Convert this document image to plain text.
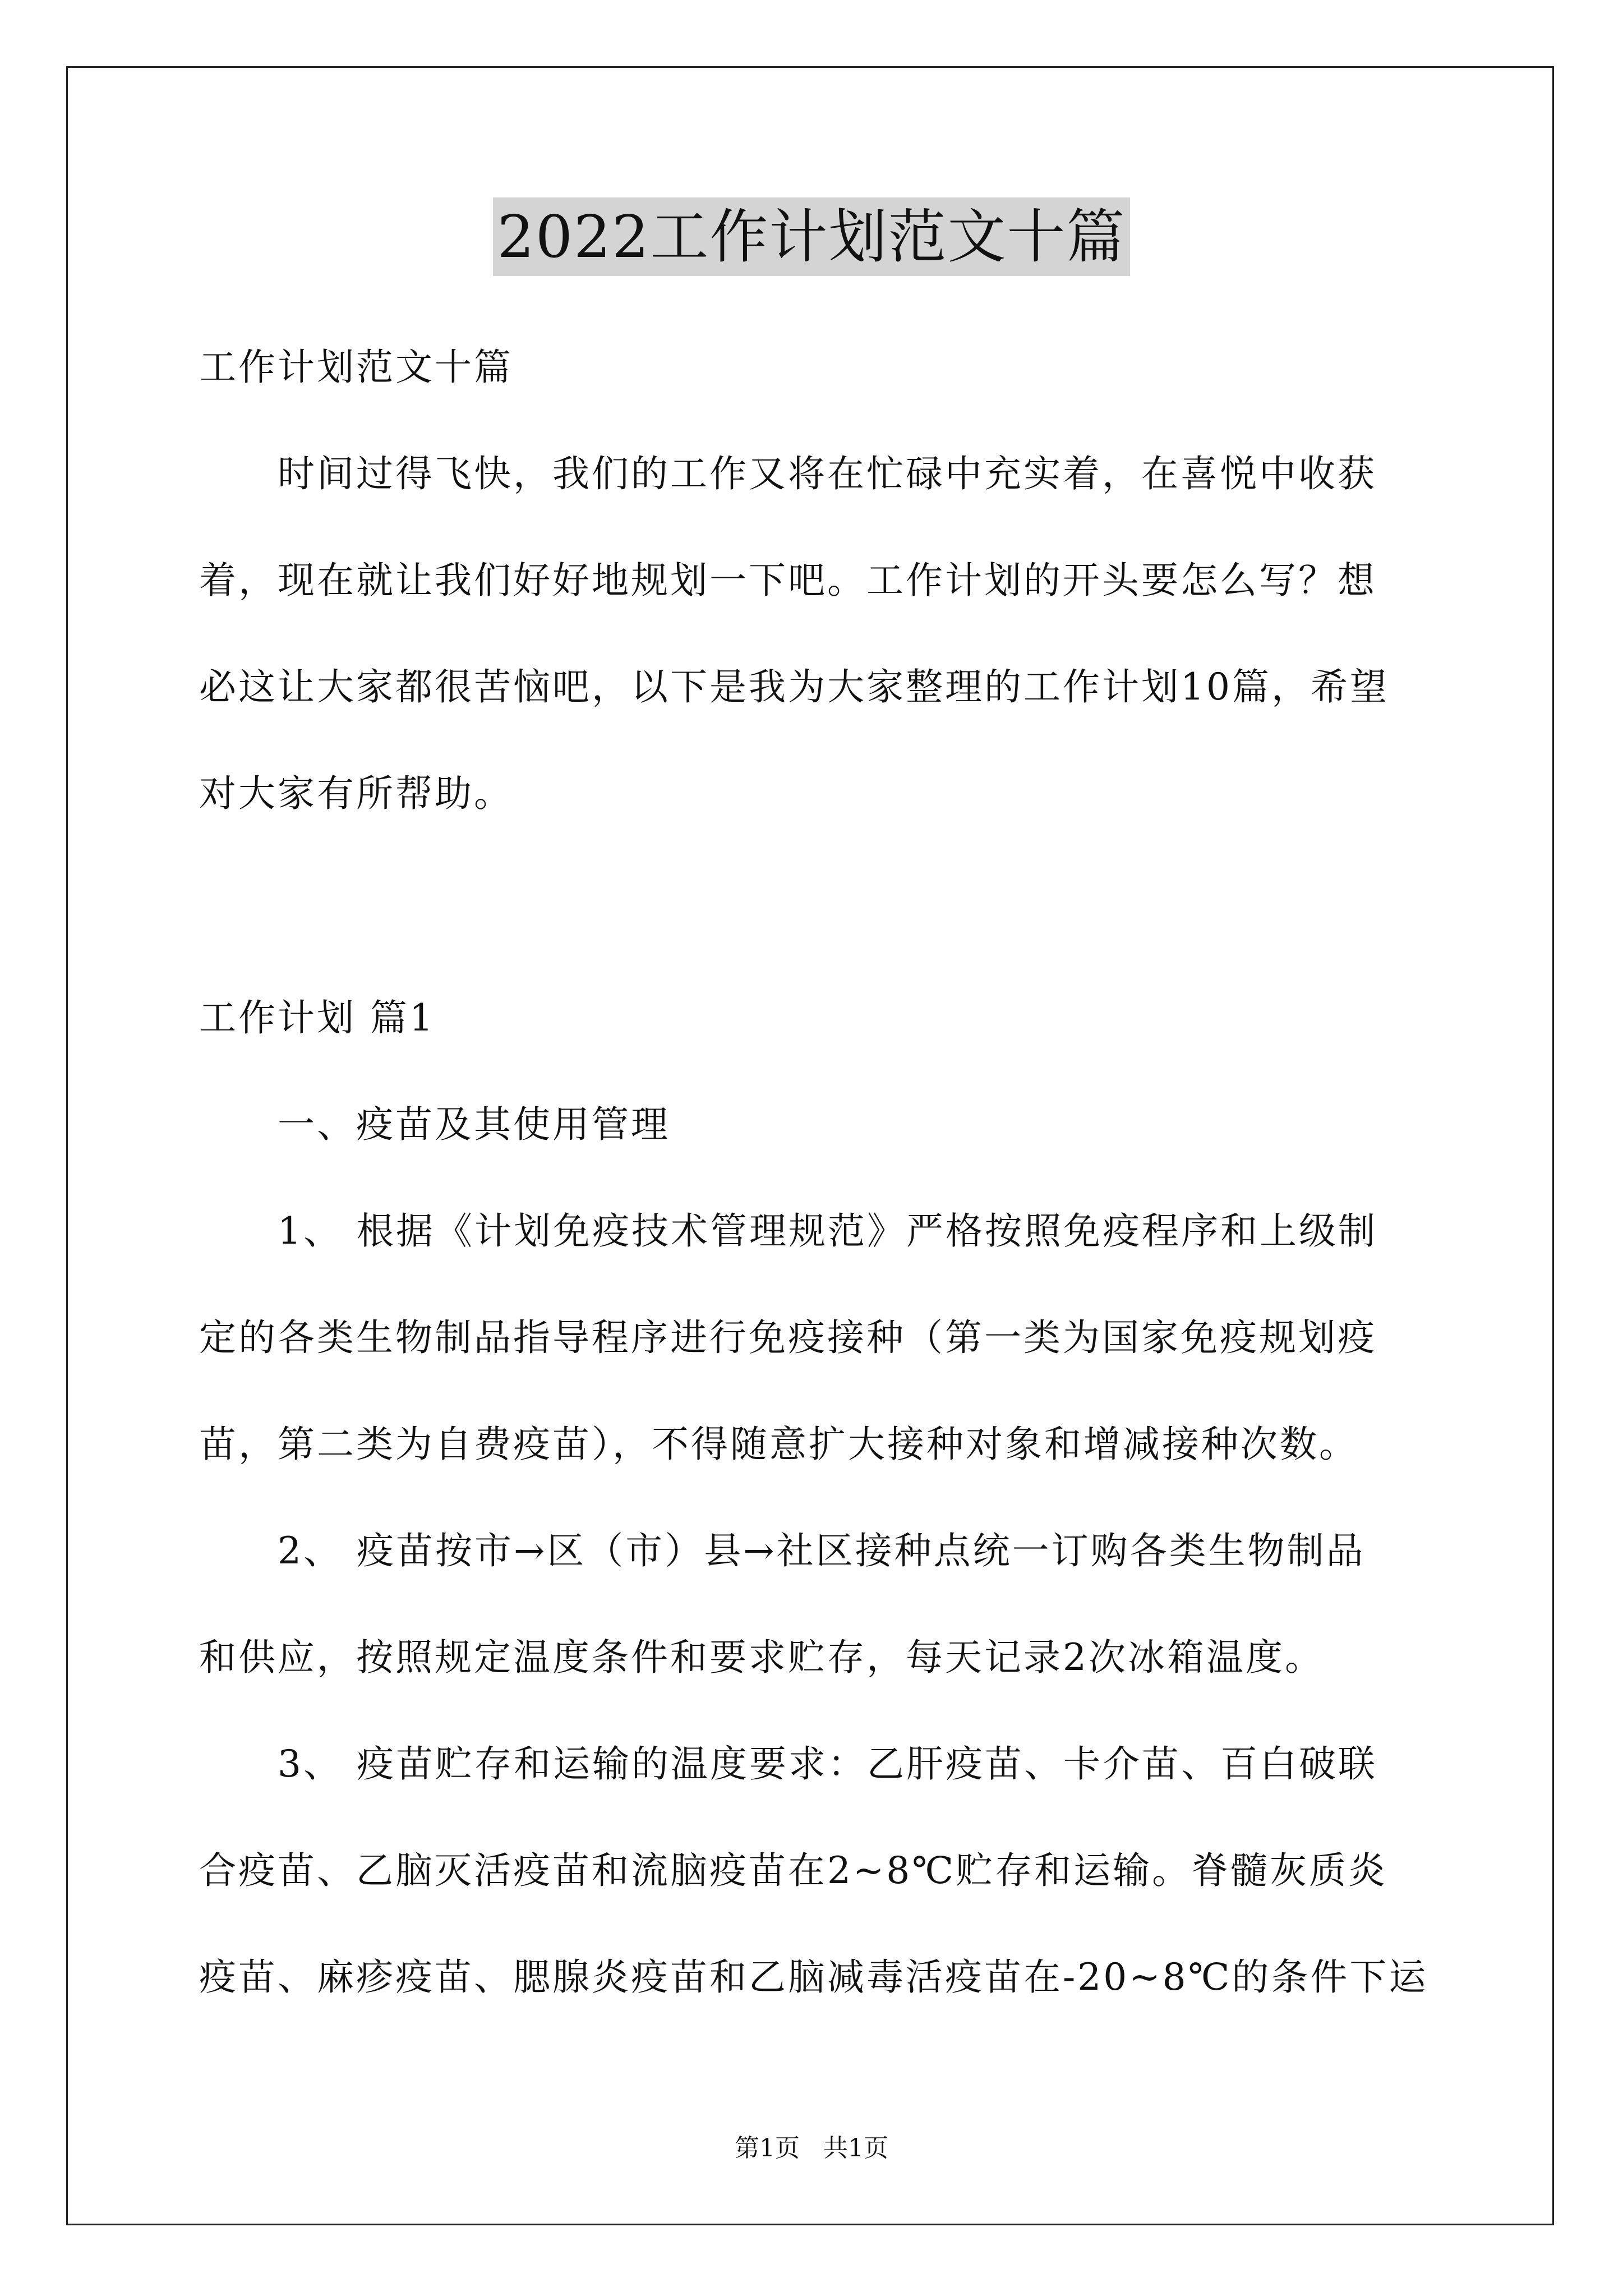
2022工作计划范文十篇
工作计划范文十篇
时间过得飞快，我们的工作又将在忙碌中充实着，在喜悦中收获
着，现在就让我们好好地规划一下吧。工作计划的开头要怎么写？想
必这让大家都很苦恼吧，以下是我为大家整理的工作计划10篇，希望
对大家有所帮助。
工作计划 篇1
一、疫苗及其使用管理
1、 根据《计划免疫技术管理规范》严格按照免疫程序和上级制
定的各类生物制品指导程序进行免疫接种（第一类为国家免疫规划疫
苗，第二类为自费疫苗），不得随意扩大接种对象和增减接种次数。
2、 疫苗按市→区（市）县→社区接种点统一订购各类生物制品
和供应，按照规定温度条件和要求贮存，每天记录2次冰箱温度。
3、 疫苗贮存和运输的温度要求：乙肝疫苗、卡介苗、百白破联
合疫苗、乙脑灭活疫苗和流脑疫苗在2~8℃贮存和运输。脊髓灰质炎
疫苗、麻疹疫苗、腮腺炎疫苗和乙脑减毒活疫苗在-20~8℃的条件下运
第1页 共1页
